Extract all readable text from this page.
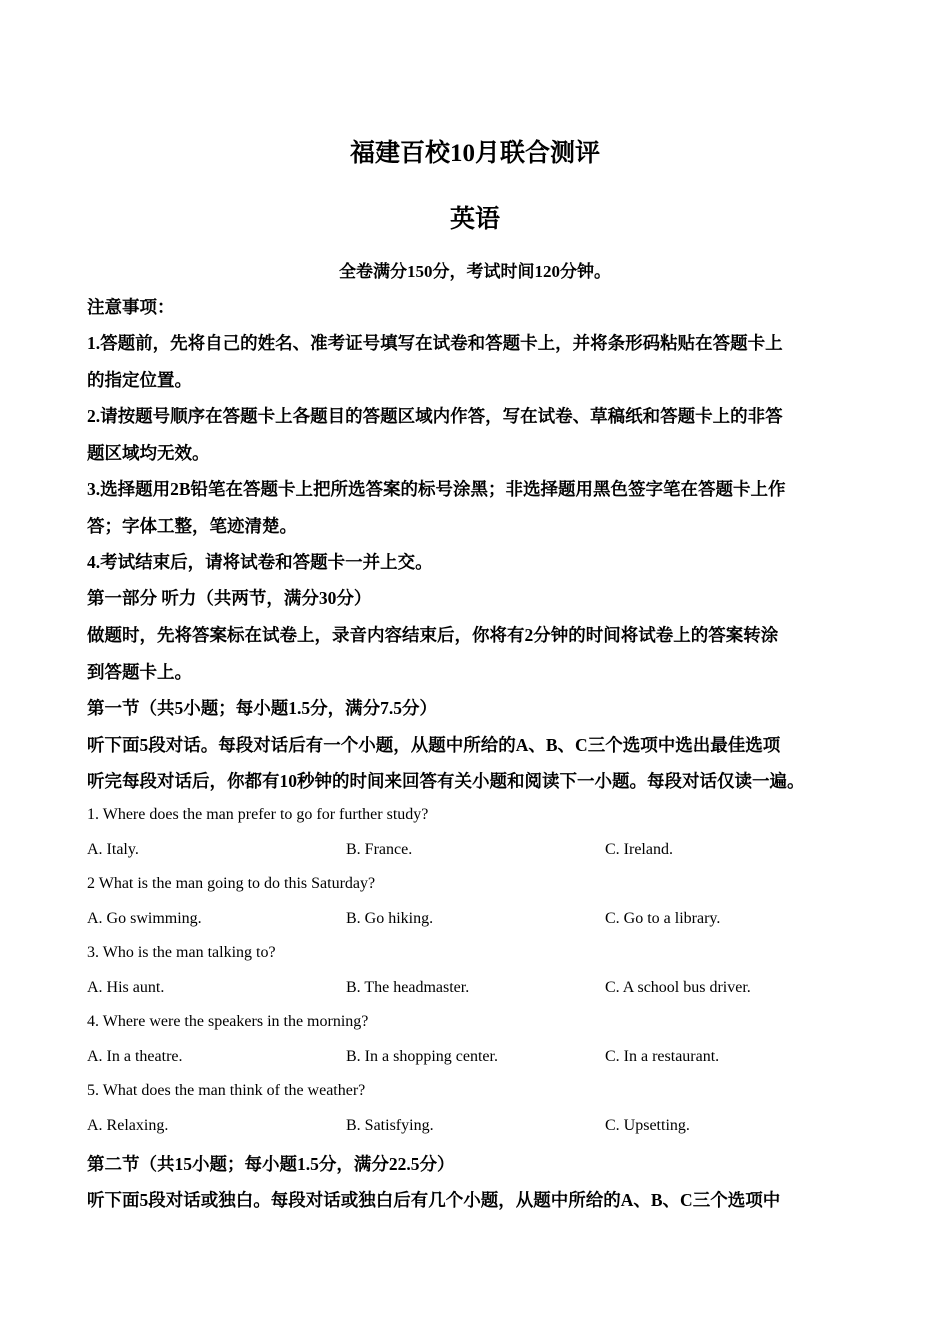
福建百校10月联合测评
英语
全卷满分150分，考试时间120分钟。
注意事项：
1.答题前，先将自己的姓名、准考证号填写在试卷和答题卡上，并将条形码粘贴在答题卡上
的指定位置。
2.请按题号顺序在答题卡上各题目的答题区域内作答，写在试卷、草稿纸和答题卡上的非答
题区域均无效。
3.选择题用2B铅笔在答题卡上把所选答案的标号涂黑；非选择题用黑色签字笔在答题卡上作
答；字体工整，笔迹清楚。
4.考试结束后，请将试卷和答题卡一并上交。
第一部分 听力（共两节，满分30分）
做题时，先将答案标在试卷上，录音内容结束后，你将有2分钟的时间将试卷上的答案转涂
到答题卡上。
第一节（共5小题；每小题1.5分，满分7.5分）
听下面5段对话。每段对话后有一个小题，从题中所给的A、B、C三个选项中选出最佳选项
听完每段对话后，你都有10秒钟的时间来回答有关小题和阅读下一小题。每段对话仅读一遍。
1. Where does the man prefer to go for further study?
A. Italy.	B. France.	C. Ireland.
2 What is the man going to do this Saturday?
A. Go swimming.	B. Go hiking.	C. Go to a library.
3. Who is the man talking to?
A. His aunt.	B. The headmaster.	C. A school bus driver.
4. Where were the speakers in the morning?
A. In a theatre.	B. In a shopping center.	C. In a restaurant.
5. What does the man think of the weather?
A. Relaxing.	B. Satisfying.	C. Upsetting.
第二节（共15小题；每小题1.5分，满分22.5分）
听下面5段对话或独白。每段对话或独白后有几个小题，从题中所给的A、B、C三个选项中
